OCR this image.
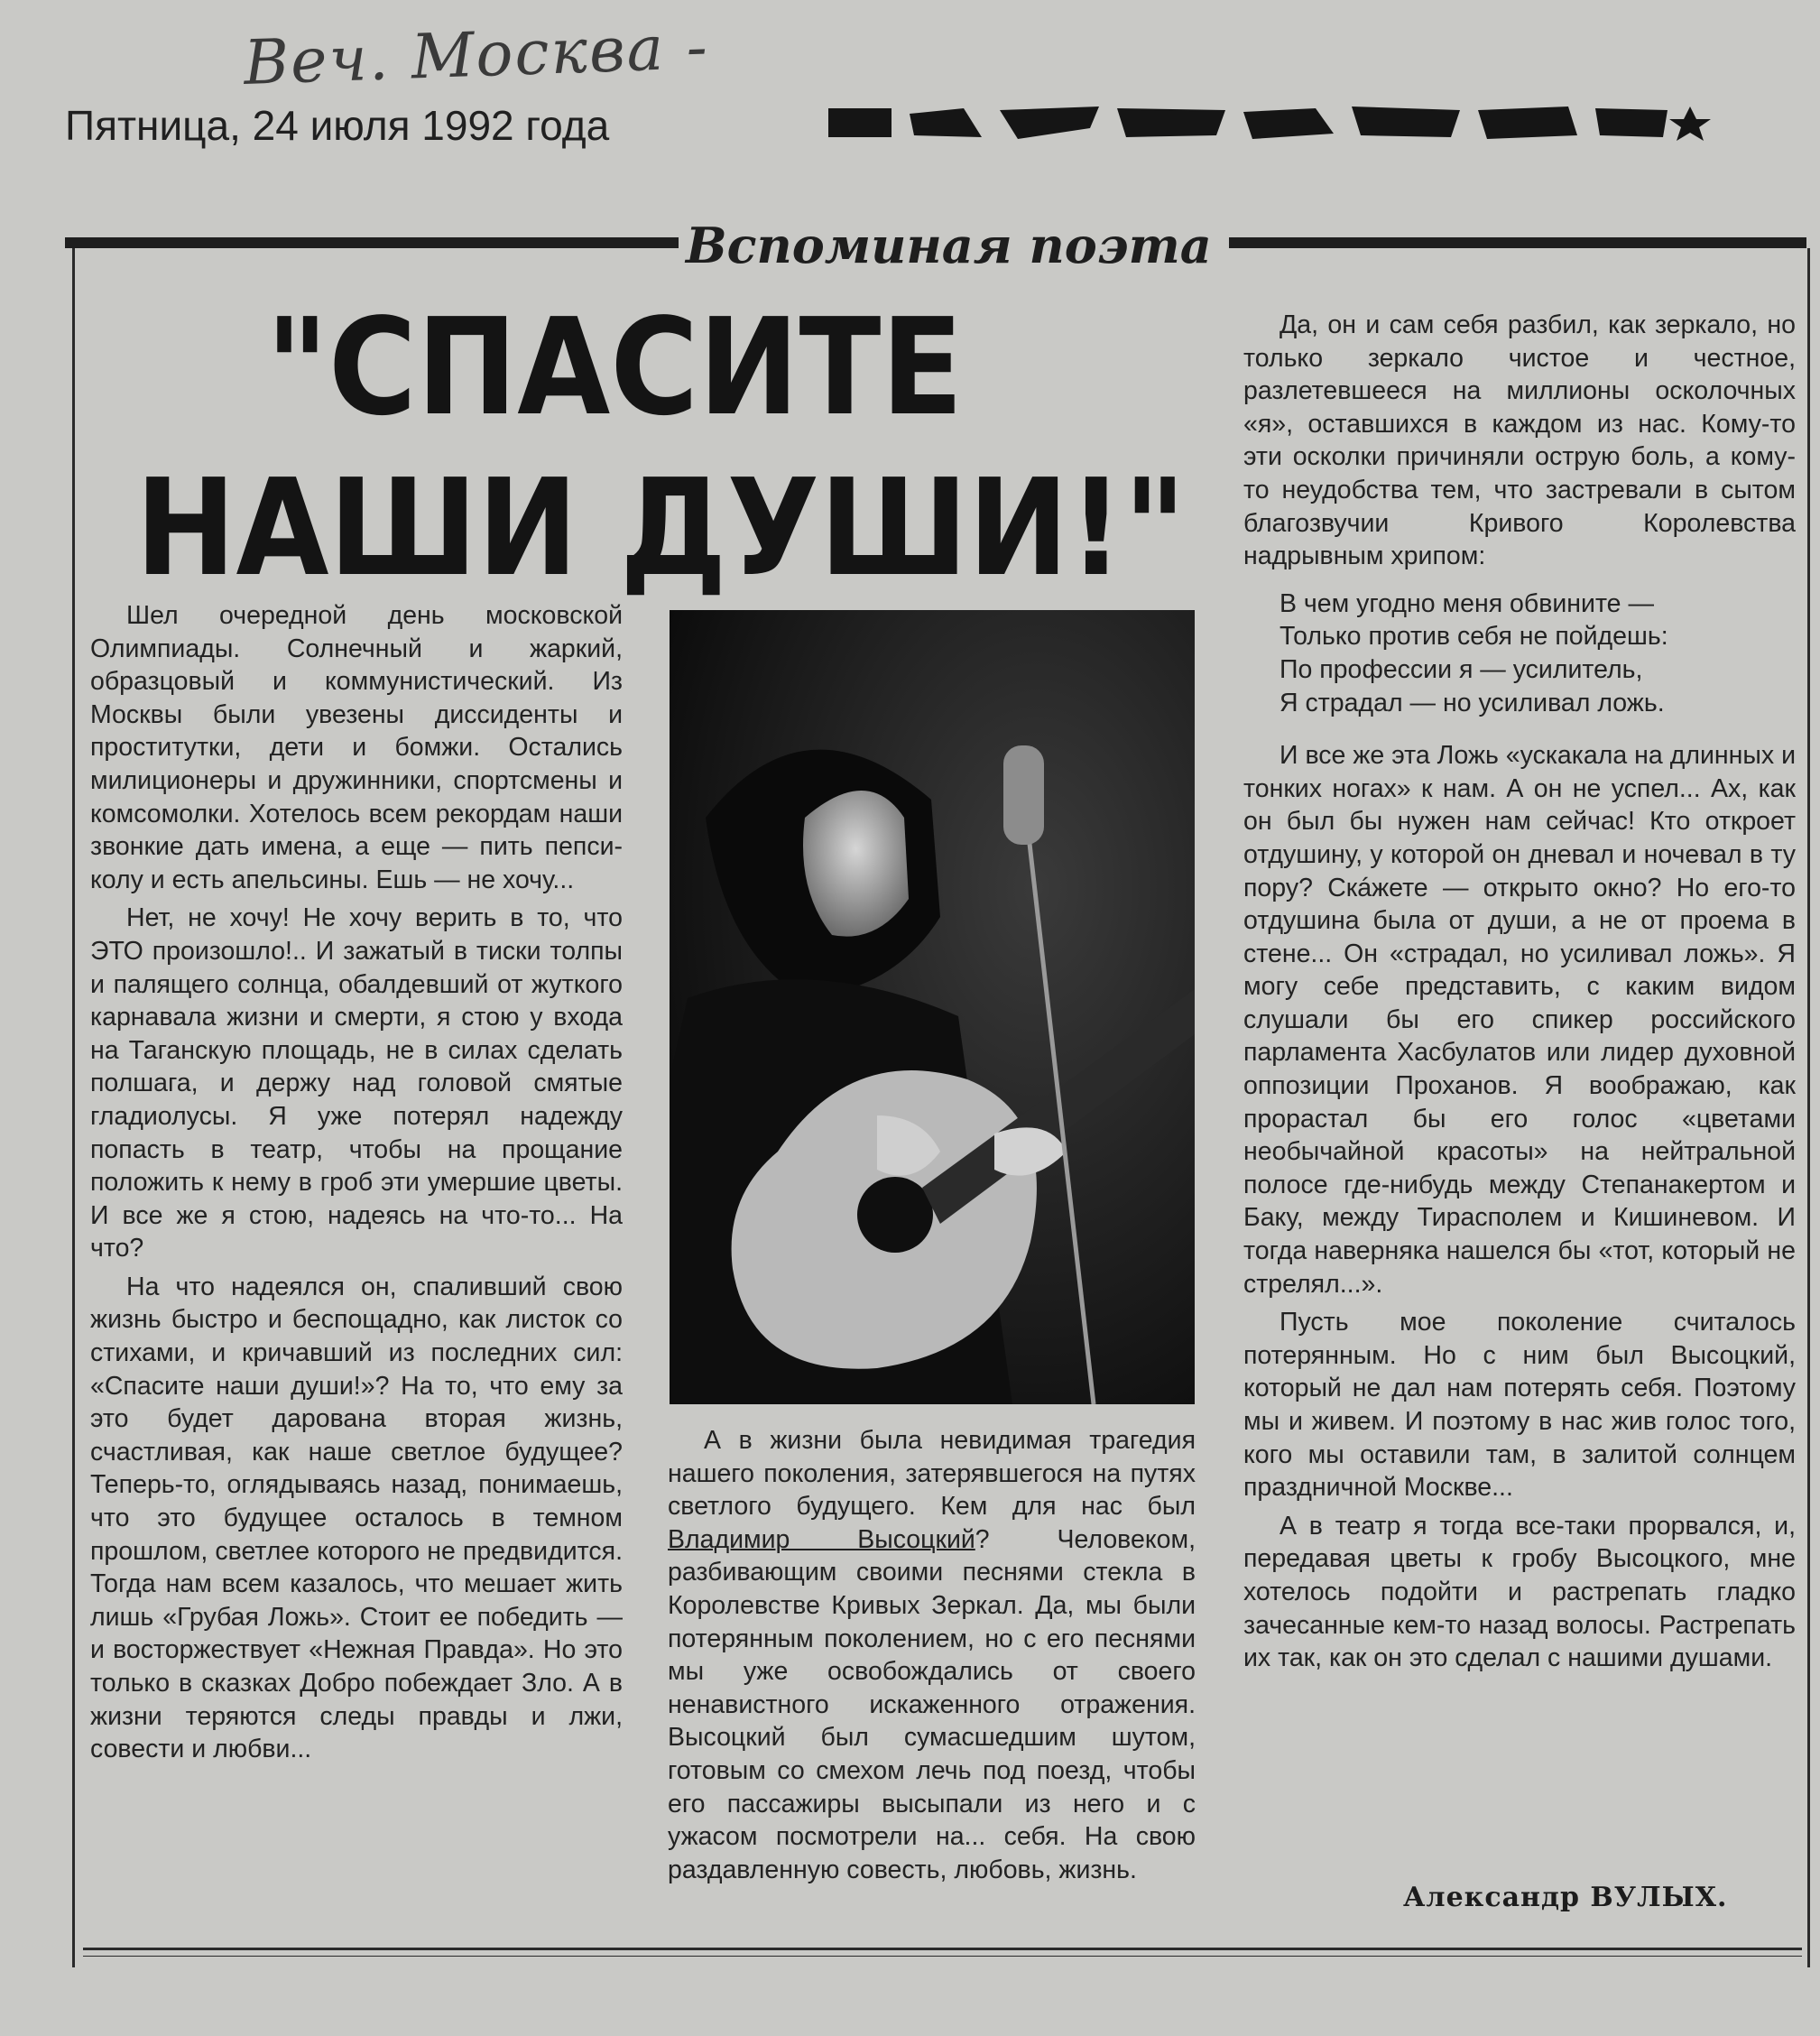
Веч. Москва -
Пятница, 24 июля 1992 года
Вспоминая поэта
"СПАСИТЕ
НАШИ ДУШИ!"

Шел очередной день московской Олимпиады. Солнечный и жаркий, образцовый и коммунистический. Из Москвы были увезены диссиденты и проститутки, дети и бомжи. Остались милиционеры и дружинники, спортсмены и комсомолки. Хотелось всем рекордам наши звонкие дать имена, а еще — пить пепси-колу и есть апельсины. Ешь — не хочу...

Нет, не хочу! Не хочу верить в то, что ЭТО произошло!.. И зажатый в тиски толпы и палящего солнца, обалдевший от жуткого карнавала жизни и смерти, я стою у входа на Таганскую площадь, не в силах сделать полшага, и держу над головой смятые гладиолусы. Я уже потерял надежду попасть в театр, чтобы на прощание положить к нему в гроб эти умершие цветы. И все же я стою, надеясь на что-то... На что?

На что надеялся он, спаливший свою жизнь быстро и беспощадно, как листок со стихами, и кричавший из последних сил: «Спасите наши души!»? На то, что ему за это будет дарована вторая жизнь, счастливая, как наше светлое будущее? Теперь-то, оглядываясь назад, понимаешь, что это будущее осталось в темном прошлом, светлее которого не предвидится. Тогда нам всем казалось, что мешает жить лишь «Грубая Ложь». Стоит ее победить — и восторжествует «Нежная Правда». Но это только в сказках Добро побеждает Зло. А в жизни теряются следы правды и лжи, совести и любви...

А в жизни была невидимая трагедия нашего поколения, затерявшегося на путях светлого будущего. Кем для нас был Владимир Высоцкий? Человеком, разбивающим своими песнями стекла в Королевстве Кривых Зеркал. Да, мы были потерянным поколением, но с его песнями мы уже освобождались от своего ненавистного искаженного отражения. Высоцкий был сумасшедшим шутом, готовым со смехом лечь под поезд, чтобы его пассажиры высыпали из него и с ужасом посмотрели на... себя. На свою раздавленную совесть, любовь, жизнь.

Да, он и сам себя разбил, как зеркало, но только зеркало чистое и честное, разлетевшееся на миллионы осколочных «я», оставшихся в каждом из нас. Кому-то эти осколки причиняли острую боль, а кому-то неудобства тем, что застревали в сытом благозвучии Кривого Королевства надрывным хрипом:

В чем угодно меня обвините —
Только против себя не пойдешь:
По профессии я — усилитель,
Я страдал — но усиливал ложь.

И все же эта Ложь «ускакала на длинных и тонких ногах» к нам. А он не успел... Ах, как он был бы нужен нам сейчас! Кто откроет отдушину, у которой он дневал и ночевал в ту пору? Скáжете — открыто окно? Но его-то отдушина была от души, а не от проема в стене... Он «страдал, но усиливал ложь». Я могу себе представить, с каким видом слушали бы его спикер российского парламента Хасбулатов или лидер духовной оппозиции Проханов. Я воображаю, как прорастал бы его голос «цветами необычайной красоты» на нейтральной полосе где-нибудь между Степанакертом и Баку, между Тирасполем и Кишиневом. И тогда наверняка нашелся бы «тот, который не стрелял...».

Пусть мое поколение считалось потерянным. Но с ним был Высоцкий, который не дал нам потерять себя. Поэтому мы и живем. И поэтому в нас жив голос того, кого мы оставили там, в залитой солнцем праздничной Москве...

А в театр я тогда все-таки прорвался, и, передавая цветы к гробу Высоцкого, мне хотелось подойти и растрепать гладко зачесанные кем-то назад волосы. Растрепать их так, как он это сделал с нашими душами.

Александр ВУЛЫХ.
